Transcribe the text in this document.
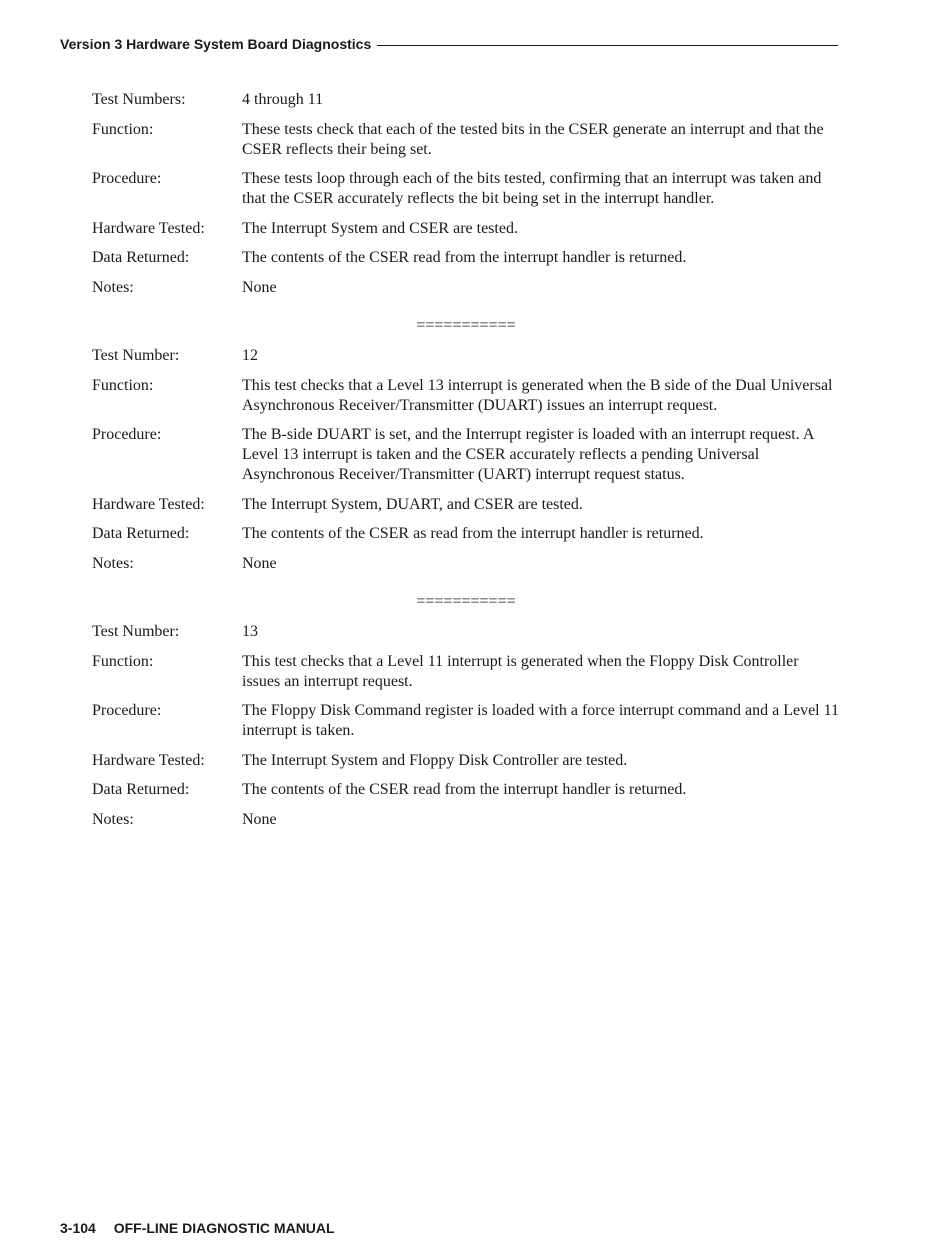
Version 3 Hardware System Board Diagnostics
Test Numbers:	4 through 11
Function:	These tests check that each of the tested bits in the CSER generate an interrupt and that the CSER reflects their being set.
Procedure:	These tests loop through each of the bits tested, confirming that an interrupt was taken and that the CSER accurately reflects the bit being set in the interrupt handler.
Hardware Tested:	The Interrupt System and CSER are tested.
Data Returned:	The contents of the CSER read from the interrupt handler is returned.
Notes:	None
===========
Test Number:	12
Function:	This test checks that a Level 13 interrupt is generated when the B side of the Dual Universal Asynchronous Receiver/Transmitter (DUART) issues an interrupt request.
Procedure:	The B-side DUART is set, and the Interrupt register is loaded with an interrupt request. A Level 13 interrupt is taken and the CSER accurately reflects a pending Universal Asynchronous Receiver/Transmitter (UART) interrupt request status.
Hardware Tested:	The Interrupt System, DUART, and CSER are tested.
Data Returned:	The contents of the CSER as read from the interrupt handler is returned.
Notes:	None
===========
Test Number:	13
Function:	This test checks that a Level 11 interrupt is generated when the Floppy Disk Controller issues an interrupt request.
Procedure:	The Floppy Disk Command register is loaded with a force interrupt command and a Level 11 interrupt is taken.
Hardware Tested:	The Interrupt System and Floppy Disk Controller are tested.
Data Returned:	The contents of the CSER read from the interrupt handler is returned.
Notes:	None
3-104 OFF-LINE DIAGNOSTIC MANUAL
